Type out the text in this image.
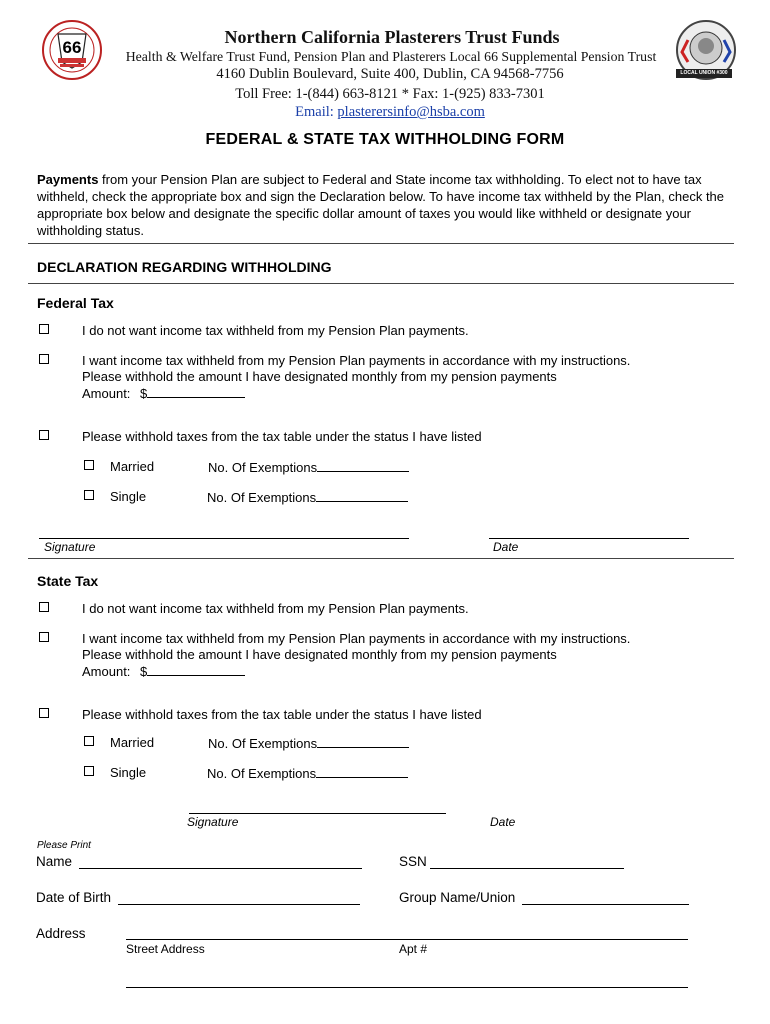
66
LOCAL UNION #300
Northern California Plasterers Trust Funds
Health & Welfare Trust Fund, Pension Plan and Plasterers Local 66 Supplemental Pension Trust
4160 Dublin Boulevard, Suite 400, Dublin, CA 94568-7756
Toll Free: 1-(844) 663-8121 * Fax: 1-(925) 833-7301
Email: plasterersinfo@hsba.com
FEDERAL & STATE TAX WITHHOLDING FORM
Payments from your Pension Plan are subject to Federal and State income tax withholding. To elect not to have tax withheld, check the appropriate box and sign the Declaration below. To have income tax withheld by the Plan, check the appropriate box below and designate the specific dollar amount of taxes you would like withheld or designate your withholding status.
DECLARATION REGARDING WITHHOLDING
Federal Tax
I do not want income tax withheld from my Pension Plan payments.
I want income tax withheld from my Pension Plan payments in accordance with my instructions.
Please withhold the amount I have designated monthly from my pension payments
Amount: $
Please withhold taxes from the tax table under the status I have listed
Married	No. Of Exemptions
Single	No. Of Exemptions
Signature	Date
State Tax
I do not want income tax withheld from my Pension Plan payments.
I want income tax withheld from my Pension Plan payments in accordance with my instructions.
Please withhold the amount I have designated monthly from my pension payments
Amount: $
Please withhold taxes from the tax table under the status I have listed
Married	No. Of Exemptions
Single	No. Of Exemptions
Signature	Date
Please Print
Name	SSN
Date of Birth	Group Name/Union
Address
Street Address	Apt #
